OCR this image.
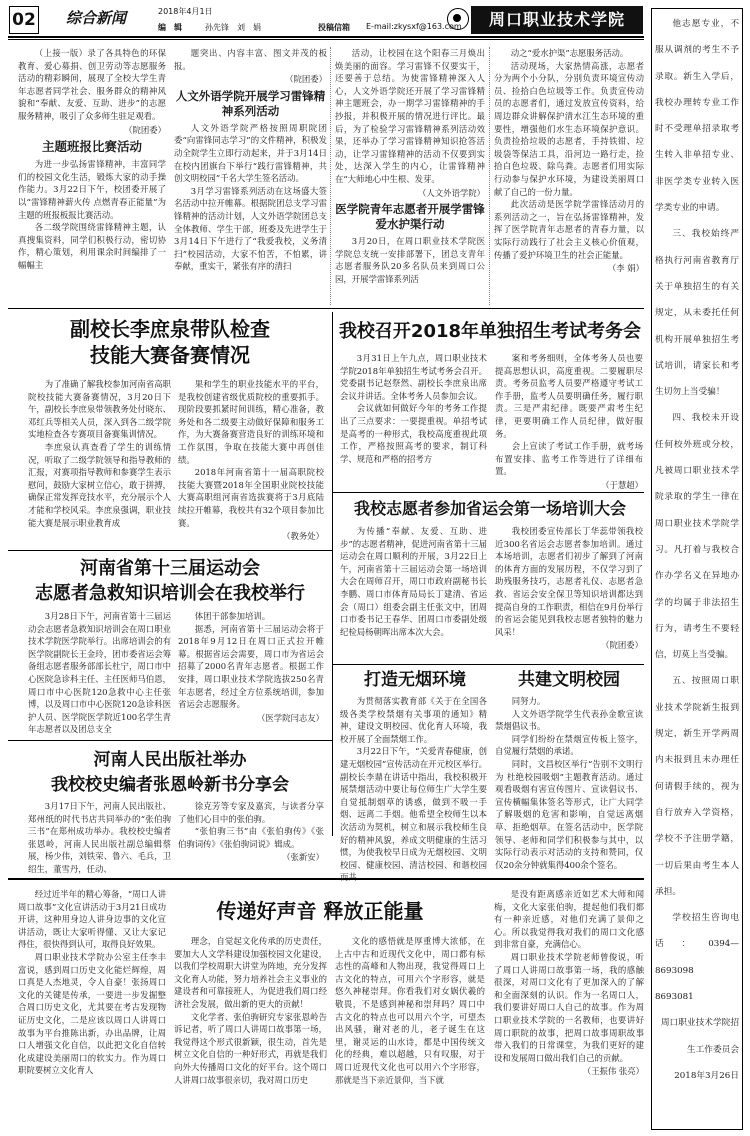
02 综合新闻	2018年4月1日
编　辑	孙先锋　刘　娟	投稿信箱 E-mail:zkysxf@163.com	周口职业技术学院	他志愿专业，不服从调剂的考生不予录取。新生入学后，我校办理转专业工作时不受理单招录取考生转入非单招专业、非医学类专业转入医学类专业的申请。

三、我校始终严格执行河南省教育厅关于单独招生的有关规定，从未委托任何机构开展单独招生考试培训，请家长和考生切勿上当受骗！

四、我校未开设任何校外班或分校，凡被周口职业技术学院录取的学生一律在周口职业技术学院学习。凡打着与我校合作办学名义在异地办学的均属于非法招生行为，请考生不要轻信，切莫上当受骗。

五、按照周口职业技术学院新生报到规定，新生开学两周内未报到且未办理任何请假手续的，视为自行放弃入学资格，学校不予注册学籍，一切后果由考生本人承担。

学校招生咨询电话：0394—8693098　8693081

周口职业技术学院招生工作委员会

2018年3月26日

（上接一版）录了各具特色的环保教育、爱心募捐、创卫劳动等志愿服务活动的精彩瞬间，展现了全校大学生青年志愿者同学社会、服务群众的精神风貌和“奉献、友爱、互助、进步”的志愿服务精神，吸引了众多师生驻足观看。

（院团委）
主题班报比赛活动

为进一步弘扬雷锋精神，丰富同学们的校园文化生活，锻炼大家的动手操作能力。3月22日下午，校团委开展了以“雷锋精神薪火传 点燃青春正能量”为主题的班报板报比赛活动。

各二级学院围绕雷锋精神主题，认真搜集资料，同学们积极行动，密切协作，精心策划，利用课余时间编排了一幅幅主

题突出、内容丰富、图文并茂的板报。

（院团委）
人文外语学院开展学习雷锋精神系列活动

人文外语学院严格按照周职院团委“向雷锋同志学习”的文件精神，积极发动全院学生立即行动起来，并于3月14日在校内团旗台下举行“践行雷锋精神，共创文明校园”千名大学生签名活动。

3月学习雷锋系列活动在这场盛大签名活动中拉开帷幕。根据院团总支学习雷锋精神的活动计划，人文外语学院团总支全体教师、学生干部，班委及先进学生于3月14日下午进行了“我爱我校，义务清扫”校园活动，大家不怕苦，不怕累，讲奉献，重实干，紧张有序的清扫

活动，让校园在这个阳春三月焕出焕美丽的面容。学习雷锋不仅要实干，还要善于总结。为使雷锋精神深入人心，人文外语学院还开展了学习雷锋精神主题班会，办一期学习雷锋精神的手抄报，并积极开展的情况进行评比。最后，为了检验学习雷锋精神系列活动效果，还举办了学习雷锋精神知识抢答活动，让学习雷锋精神的活动不仅要到实处，达深入学生的内心，让雷锋精神在“大师地心中生根、发芽。

（人文外语学院）
医学院青年志愿者开展学雷锋爱水护渠行动

3月20日，在周口职业技术学院医学院总支统一安排部署下，团总支青年志愿者服务队20多名队员来到周口公园，开展学雷锋系列活

动之“爱水护渠”志愿服务活动。

活动现场，大家热情高涨，志愿者分为两个小分队，分别负责环境宣传动员、捡拾白色垃圾等工作。负责宣传动员的志愿者们，通过发放宣传资料，给周边群众讲解保护清水江生态环境的重要性，增强他们水生态环境保护意识。负责捡拾垃圾的志愿者，手持铁钳、垃圾袋等保洁工具，沿河边一路行走，捡拾白色垃圾、除鸟粪。志愿者们用实际行动参与保护水环境，为建设美丽周口献了自己的一份力量。

此次活动是医学院学雷锋活动月的系列活动之一，旨在弘扬雷锋精神，发挥了医学院青年志愿者的青春力量，以实际行动践行了社会主义核心价值观，传播了爱护环境卫生的社会正能量。

（李 娟）
副校长李庶泉带队检查
技能大赛备赛情况

为了准确了解我校参加河南省高职院校技能大赛备赛情况，3月20日下午，副校长李庶泉带领教务处付晓东、邓红兵等相关人员，深入到各二级学院实地检查各专赛项目备赛集训情况。

李庶泉认真查看了学生的训练情况，听取了二级学院领导和指导教师的汇报，对赛项指导教师和参赛学生表示慰问，鼓励大家树立信心，敢于拼搏，确保正常发挥竞技水平，充分展示个人才能和学校风采。李庶泉强调，职业技能大赛是展示职业教育成

果和学生的职业技能水平的平台，是我校创建省级优质院校的重要抓手。现阶段要抓紧时间训练，精心准备，教务处和各二级要主动做好保障和服务工作，为大赛备赛营造良好的训练环境和工作氛围，争取在技能大赛中再创佳绩。

2018年河南省第十一届高职院校技能大赛暨2018年全国职业院校技能大赛高职组河南省选拔赛将于3月底陆续拉开帷幕，我校共有32个项目参加比赛。

（教务处）
我校召开2018年单独招生考试考务会

3月31日上午九点，周口职业技术学院2018年单独招生考试考务会召开。党委副书记赵祭然、副校长李庶泉出席会议并讲话。全体考务人员参加会议。

会议就如何做好今年的考务工作提出了三点要求：一要提重视。单招考试是高考的一种形式，我校高度重视此项工作，严格按照高考的要求，制订科学、规范和严格的招考方

案和考务细则，全体考务人员也要提高思想认识，高度重视。二要履职尽责。考务员监考人员要严格遵守考试工作手册，监考人员要明确任务，履行职责。三是严肃纪律。既要严肃考生纪律，更要明确工作人员纪律，做好服务。

会上宣读了考试工作手册，就考场布置安排、监考工作等进行了详细布置。

（于慧超）
我校志愿者参加省运会第一场培训大会

为传播“奉献、友爱、互助、进步”的志愿者精神，促进河南省第十三届运动会在周口顺利的开展，3月22日上午，河南省第十三届运动会第一场培训大会在周师召开，周口市政府副秘书长李鹏、周口市体育局局长丁建清、省运会（周口）组委会副主任张文中，团周口市委书记王春华、团周口市委副处级纪检局杨朝晖出席本次大会。

我校团委宣传部长丁华蕊带领我校近300名省运会志愿者参加培训。通过本场培训，志愿者们初步了解到了河南的体育方面的发展历程，不仅学习到了助残服务技巧，志愿者礼仪、志愿者急救、省运会安全保卫等知识培训都达到提高自身的工作职责，相信在9月份举行的省运会能见到我校志愿者独特的魅力风采！

（院团委）
河南省第十三届运动会
志愿者急救知识培训会在我校举行

3月28日下午，河南省第十三届运动会志愿者急救知识培训会在周口职业技术学院医学院举行。出席培训会的有医学院副院长王金玲，团市委省运会筹备组志愿者服务部部长杜宁，周口市中心医院急诊科主任、主任医师马伯恩，周口市中心医院120急救中心主任张博，以及周口市中心医院120急诊科医护人员、医学院医学院近100名学生青年志愿者以及团总支全

体团干部参加培训。

据悉，河南省第十三届运动会将于2018年9月12日在周口正式拉开帷幕。根据省运会需要，周口市为省运会招募了2000名青年志愿者。根据工作安排，周口职业技术学院选拔250名青年志愿者，经过全方位系统培训，参加省运会志愿服务。

（医学院闫志友）
打造无烟环境	共建文明校园

为贯彻落实教育部《关于在全国各级各类学校禁烟有关事项的通知》精神，建设文明校园、优化育人环境，我校开展了全面禁烟工作。

3月22日下午，“关爱青春健康，创建无烟校园”宣传活动在开元校区举行。副校长李鼎在讲话中指出，我校积极开展禁烟活动中要让每位师生广大学生要自觉抵制烟草的诱惑，做到不吸一手烟、远离二手烟。他希望全校师生以本次活动为契机，树立和展示我校师生良好的精神风貌，养成文明健康的生活习惯，为使我校早日成为无烟校园、文明校园、健康校园、清洁校园、和谐校园而共

同努力。

人文外语学院学生代表孙金歌宣读禁烟倡议书。

同学们纷纷在禁烟宣传板上签字，自觉履行禁烟的承诺。

同时，文昌校区举行“告别不文明行为 杜绝校园吸烟”主题教育活动。通过观看吸烟有害宣传图片、宣读倡议书、宣传横幅集体签名等形式，让广大同学了解吸烟的危害和影响，自觉远离烟草、拒绝烟草。在签名活动中，医学院领导、老师和同学们积极参与其中，以实际行动表示对活动的支持和赞同，仅仅20余分钟就集得400余个签名。

河南人民出版社举办
我校校史编者张恩岭新书分享会

3月17日下午，河南人民出版社、郑州纸的时代书店共同举办的“张伯驹三书”在郑州成功举办。我校校史编者张恩岭，河南人民出版社副总编辑蔡展，杨少伟，刘铁荣、鲁六、毛兵，卫绍生，董雪丹，任动、

徐克芳等专家及嘉宾，与读者分享了他们心目中的张伯驹。

“张伯驹三书”由《张伯驹传》《张伯驹词传》《张伯驹词说》辑成。

（张新安）
传递好声音 释放正能量

经过近半年的精心筹备，“周口人讲周口故事”文化宣讲活动于3月21日成功开讲，这种用身边人讲身边事的文化宣讲活动，既让大家听得懂、又让大家记得住，很快得到认可，取得良好效果。

周口职业技术学院办公室主任李丰富说，感到周口历史文化能烂辉煌，周口真是人杰地灵，令人自豪！张扬周口文化的关键是传承，一要进一步发掘整合周口历史文化，尤其要在考古发现物证历史文化，二是应该以周口人讲周口故事为平台推陈出新，办出品牌，让周口人增强文化自信，以此把文化自信转化成建设美丽周口的软实力。作为周口职院要树立文化育人

理念，自觉起文化传承的历史责任，要加大人文学科建设加强校园文化建设，以我们学校周职大讲堂为阵地，充分发挥文化育人功能，努力培养社会主义事业的建设者和可靠接班人，为促进我们周口经济社会发展，做出新的更大的贡献！

文化学者、张伯驹研究专家张恩岭告诉记者，听了周口人讲周口故事第一场，我觉得这个形式很新颖，很生动，首先是树立文化自信的一种好形式，再就是我们向外大传播周口文化的好平台。这个周口人讲周口故事很亲切，我对周口历史

文化的感悟就是厚重博大浓郁，在上古中古和近现代文化中，周口都有标志性的高峰和人物出现，我觉得周口上古文化的特点，可用六个字形容，就是悠久神秘崇拜。你看我们对女娲伏羲的敬畏，不是感到神秘和崇拜吗？周口中古文化的特点也可以用六个字，可望杰出风骚，谢对老的儿，老子诞生在这里，谢灵运的山水诗，都是中国传统文化的经典，难以超越，只有叹服，对于周口近现代文化也可以用六个字形容，那就是当下亲近景仰，当下就

是没有距离感亲近如艺术大师和闻梅，文化大家张伯驹，提起他们我们都有一种亲近感，对他们充满了景仰之心。所以我觉得我对我们的周口文化感到非常自豪，充满信心。

周口职业技术学院老师曾俊说，听了周口人讲周口故事第一场，我的感触很深，对周口文化有了更加深入的了解和全面深刻的认识。作为一名周口人，我们要讲好周口人自己的故事。作为周口职业技术学院的一名教师，也要讲好周口职院的故事，把周口故事周职故事带入我们的日常课堂，为我们更好的建设和发展周口做出我们自己的贡献。

（王振伟 张亮）
